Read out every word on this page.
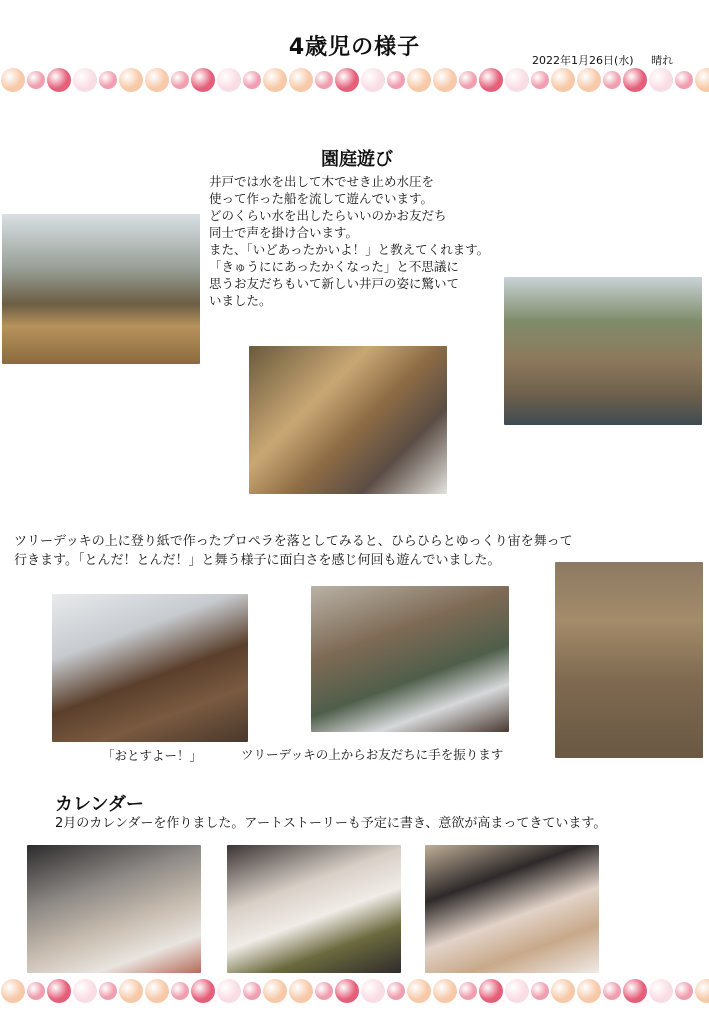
4歳児の様子
2022年1月26日(水) 晴れ
園庭遊び
井戸では水を出して木でせき止め水圧を
使って作った船を流して遊んでいます。
どのくらい水を出したらいいのかお友だち
同士で声を掛け合います。
また、「いどあったかいよ！」と教えてくれます。
「きゅうににあったかくなった」と不思議に
思うお友だちもいて新しい井戸の姿に驚いて
いました。
ツリーデッキの上に登り紙で作ったプロペラを落としてみると、ひらひらとゆっくり宙を舞って
行きます。「とんだ！とんだ！」と舞う様子に面白さを感じ何回も遊んでいました。
「おとすよー！」	ツリーデッキの上からお友だちに手を振ります
カレンダー
2月のカレンダーを作りました。アートストーリーも予定に書き、意欲が高まってきています。
